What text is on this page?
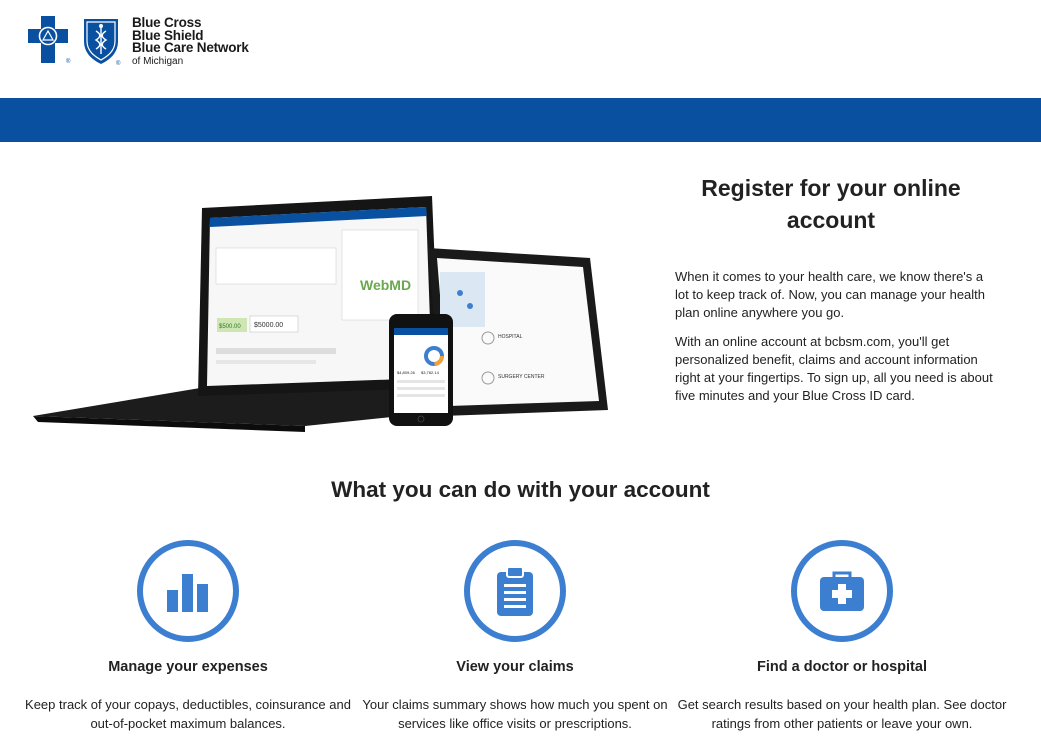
®	®
Blue Cross
Blue Shield
Blue Care Network
of Michigan
$500.00 $5000.00
WebMD
HOSPITAL
SURGERY CENTER
$4,809.26 $3,782.14
Register for your online account

When it comes to your health care, we know there's a lot to keep track of. Now, you can manage your health plan online anywhere you go.

With an online account at bcbsm.com, you'll get personalized benefit, claims and account information right at your fingertips. To sign up, all you need is about five minutes and your Blue Cross ID card.

What you can do with your account
Manage your expenses
Keep track of your copays, deductibles, coinsurance and out-of-pocket maximum balances.
View your claims
Your claims summary shows how much you spent on services like office visits or prescriptions.
Find a doctor or hospital
Get search results based on your health plan. See doctor ratings from other patients or leave your own.
